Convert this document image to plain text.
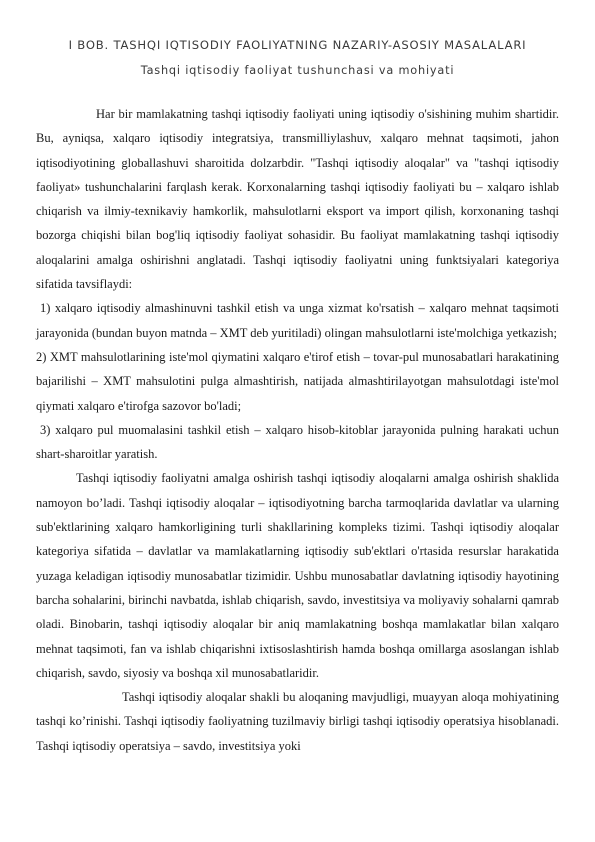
I BOB. TASHQI IQTISODIY FAOLIYATNING NAZARIY-ASOSIY MASALALARI
Tashqi iqtisodiy faoliyat tushunchasi va mohiyati

Har bir mamlakatning tashqi iqtisodiy faoliyati uning iqtisodiy o'sishining muhim shartidir. Bu, ayniqsa, xalqaro iqtisodiy integratsiya, transmilliylashuv, xalqaro mehnat taqsimoti, jahon iqtisodiyotining globallashuvi sharoitida dolzarbdir. "Tashqi iqtisodiy aloqalar" va "tashqi iqtisodiy faoliyat» tushunchalarini farqlash kerak. Korxonalarning tashqi iqtisodiy faoliyati bu – xalqaro ishlab chiqarish va ilmiy-texnikaviy hamkorlik, mahsulotlarni eksport va import qilish, korxonaning tashqi bozorga chiqishi bilan bog'liq iqtisodiy faoliyat sohasidir. Bu faoliyat mamlakatning tashqi iqtisodiy aloqalarini amalga oshirishni anglatadi. Tashqi iqtisodiy faoliyatni uning funktsiyalari kategoriya sifatida tavsiflaydi:

1) xalqaro iqtisodiy almashinuvni tashkil etish va unga xizmat ko'rsatish – xalqaro mehnat taqsimoti jarayonida (bundan buyon matnda – XMT deb yuritiladi) olingan mahsulotlarni iste'molchiga yetkazish;

2) XMT mahsulotlarining iste'mol qiymatini xalqaro e'tirof etish – tovar-pul munosabatlari harakatining bajarilishi – XMT mahsulotini pulga almashtirish, natijada almashtirilayotgan mahsulotdagi iste'mol qiymati xalqaro e'tirofga sazovor bo'ladi;

3) xalqaro pul muomalasini tashkil etish – xalqaro hisob-kitoblar jarayonida pulning harakati uchun shart-sharoitlar yaratish.

Tashqi iqtisodiy faoliyatni amalga oshirish tashqi iqtisodiy aloqalarni amalga oshirish shaklida namoyon bo’ladi. Tashqi iqtisodiy aloqalar – iqtisodiyotning barcha tarmoqlarida davlatlar va ularning sub'ektlarining xalqaro hamkorligining turli shakllarining kompleks tizimi. Tashqi iqtisodiy aloqalar kategoriya sifatida – davlatlar va mamlakatlarning iqtisodiy sub'ektlari o'rtasida resurslar harakatida yuzaga keladigan iqtisodiy munosabatlar tizimidir. Ushbu munosabatlar davlatning iqtisodiy hayotining barcha sohalarini, birinchi navbatda, ishlab chiqarish, savdo, investitsiya va moliyaviy sohalarni qamrab oladi. Binobarin, tashqi iqtisodiy aloqalar bir aniq mamlakatning boshqa mamlakatlar bilan xalqaro mehnat taqsimoti, fan va ishlab chiqarishni ixtisoslashtirish hamda boshqa omillarga asoslangan ishlab chiqarish, savdo, siyosiy va boshqa xil munosabatlaridir.

Tashqi iqtisodiy aloqalar shakli bu aloqaning mavjudligi, muayyan aloqa mohiyatining tashqi ko’rinishi. Tashqi iqtisodiy faoliyatning tuzilmaviy birligi tashqi iqtisodiy operatsiya hisoblanadi. Tashqi iqtisodiy operatsiya – savdo, investitsiya yoki
